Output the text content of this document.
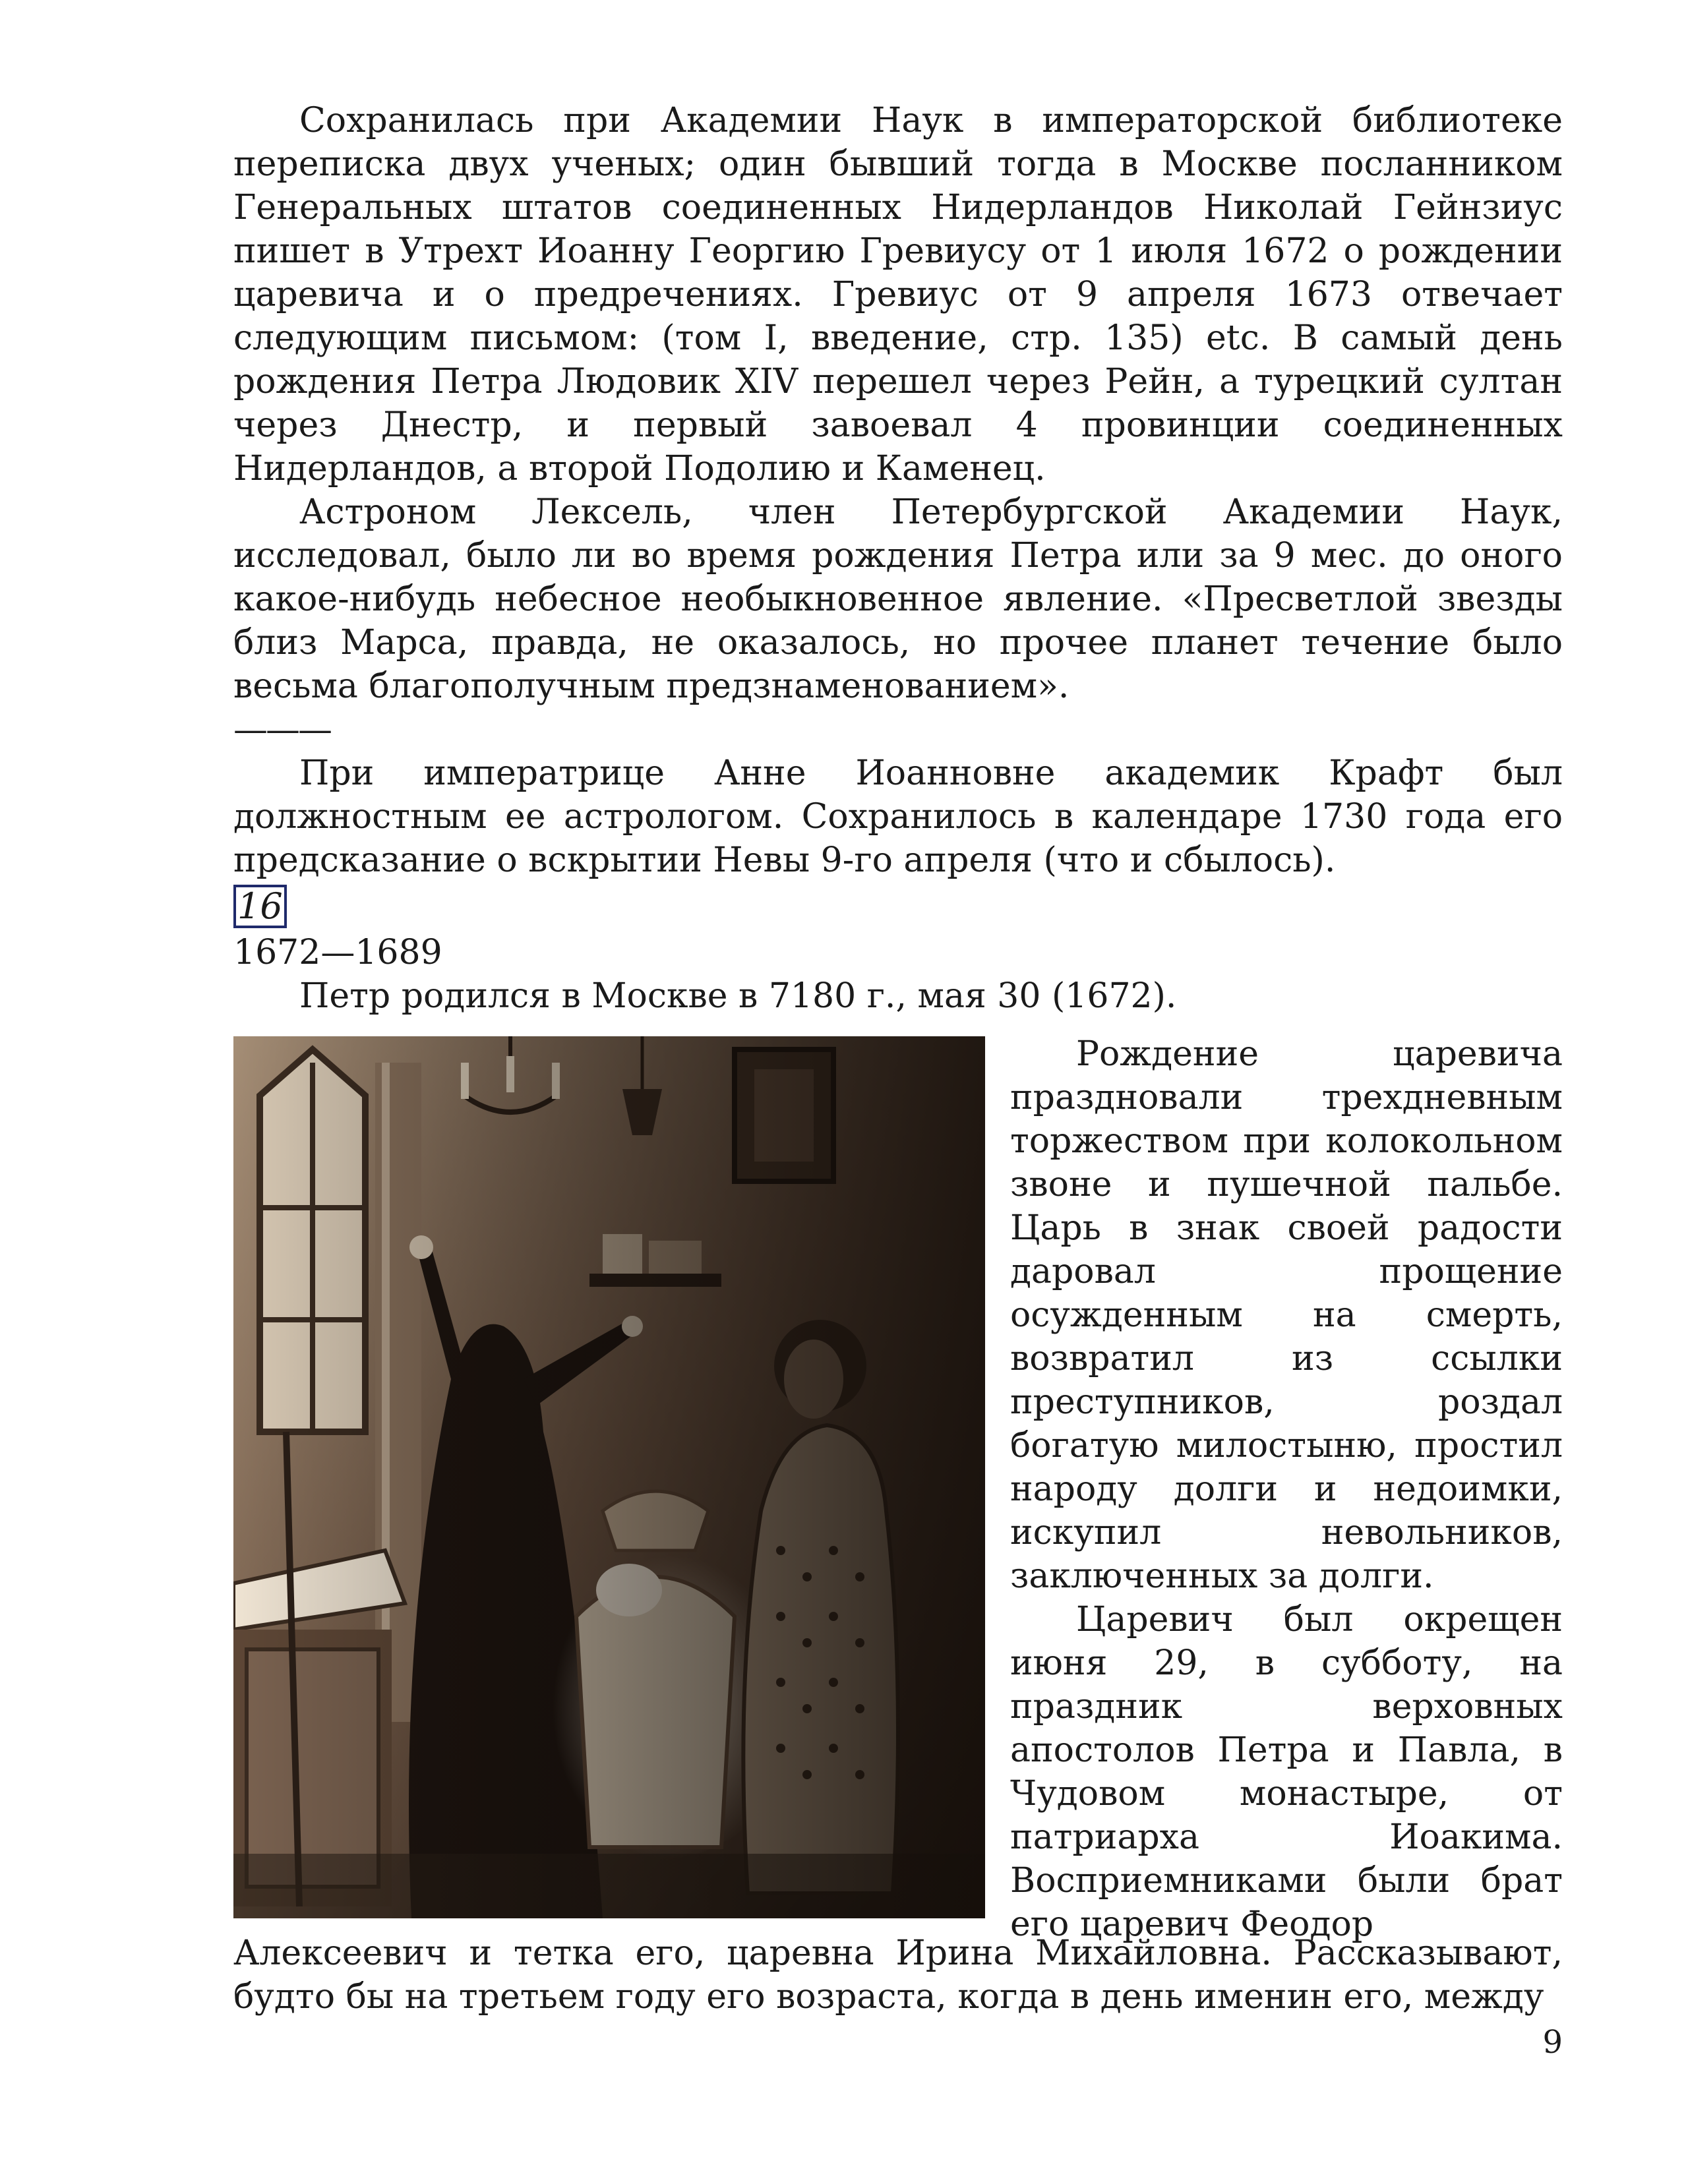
Сохранилась при Академии Наук в императорской библиотеке переписка двух ученых; один бывший тогда в Москве посланником Генеральных штатов соединенных Нидерландов Николай Гейнзиус пишет в Утрехт Иоанну Георгию Гревиусу от 1 июля 1672 о рождении царевича и о предречениях. Гревиус от 9 апреля 1673 отвечает следующим письмом: (том I, введение, стр. 135) etc. В самый день рождения Петра Людовик XIV перешел через Рейн, а турецкий султан через Днестр, и первый завоевал 4 провинции соединенных Нидерландов, а второй Подолию и Каменец.

Астроном Лексель, член Петербургской Академии Наук, исследовал, было ли во время рождения Петра или за 9 мес. до оного какое-нибудь небесное необыкновенное явление. «Пресветлой звезды близ Марса, правда, не оказалось, но прочее планет течение было весьма благополучным предзнаменованием».

———

При императрице Анне Иоанновне академик Крафт был должностным ее астрологом. Сохранилось в календаре 1730 года его предсказание о вскрытии Невы 9-го апреля (что и сбылось).

16

1672—1689

Петр родился в Москве в 7180 г., мая 30 (1672).

Рождение царевича праздновали трехдневным торжеством при колокольном звоне и пушечной пальбе. Царь в знак своей радости даровал прощение осужденным на смерть, возвратил из ссылки преступников, роздал богатую милостыню, простил народу долги и недоимки, искупил невольников, заключенных за долги.

Царевич был окрещен июня 29, в субботу, на праздник верховных апостолов Петра и Павла, в Чудовом монастыре, от патриарха Иоакима. Восприемниками были брат его царевич Феодор

Алексеевич и тетка его, царевна Ирина Михайловна. Рассказывают, будто бы на третьем году его возраста, когда в день именин его, между

9
